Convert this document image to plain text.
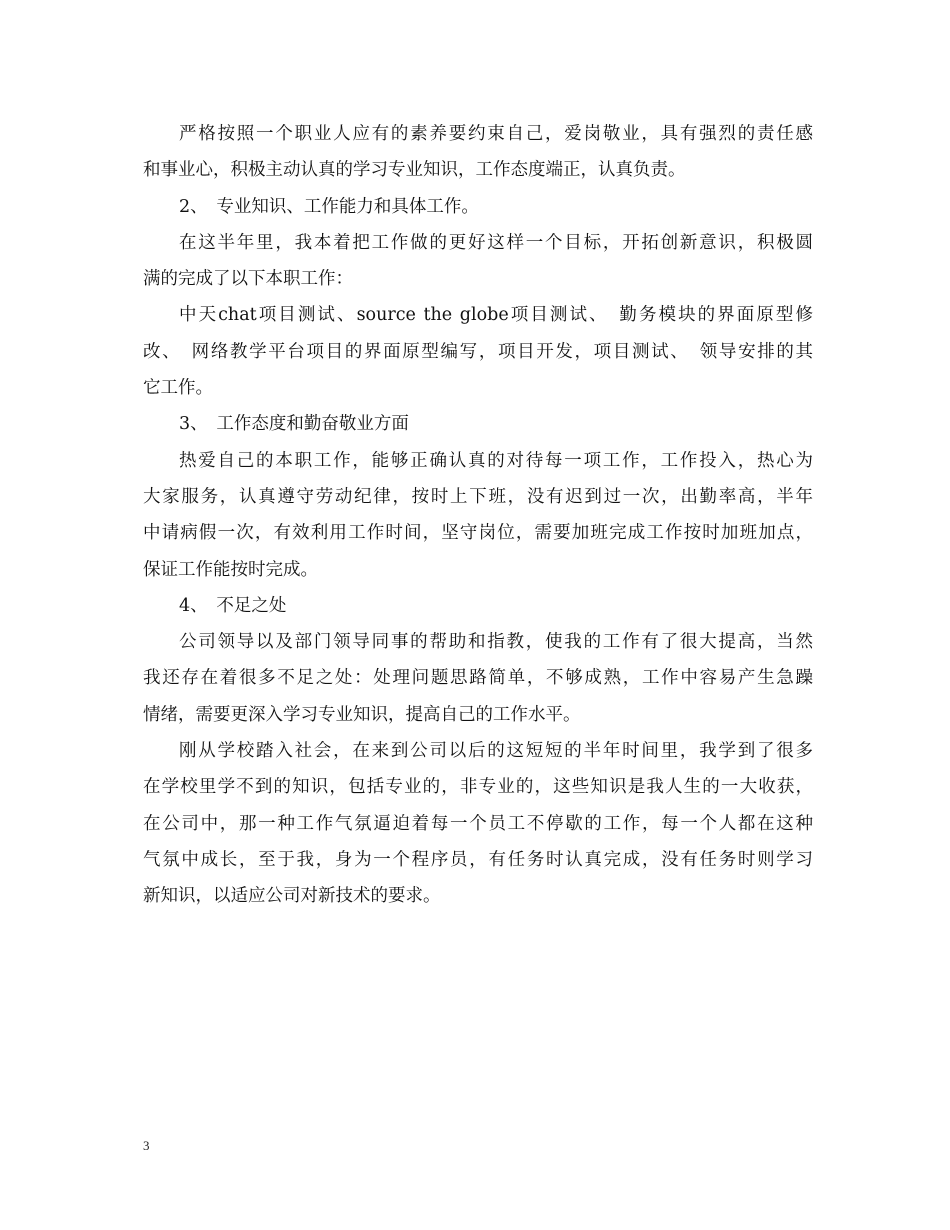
严格按照一个职业人应有的素养要约束自己，爱岗敬业，具有强烈的责任感
和事业心，积极主动认真的学习专业知识，工作态度端正，认真负责。
2、　专业知识、工作能力和具体工作。
在这半年里，我本着把工作做的更好这样一个目标，开拓创新意识，积极圆
满的完成了以下本职工作：
中天chat项目测试、source the globe项目测试、　勤务模块的界面原型修
改、　网络教学平台项目的界面原型编写，项目开发，项目测试、　领导安排的其
它工作。
3、　工作态度和勤奋敬业方面
热爱自己的本职工作，能够正确认真的对待每一项工作，工作投入，热心为
大家服务，认真遵守劳动纪律，按时上下班，没有迟到过一次，出勤率高，半年
中请病假一次，有效利用工作时间，坚守岗位，需要加班完成工作按时加班加点，
保证工作能按时完成。
4、　不足之处
公司领导以及部门领导同事的帮助和指教，使我的工作有了很大提高，当然
我还存在着很多不足之处：处理问题思路简单，不够成熟，工作中容易产生急躁
情绪，需要更深入学习专业知识，提高自己的工作水平。
刚从学校踏入社会，在来到公司以后的这短短的半年时间里，我学到了很多
在学校里学不到的知识，包括专业的，非专业的，这些知识是我人生的一大收获，
在公司中，那一种工作气氛逼迫着每一个员工不停歇的工作，每一个人都在这种
气氛中成长，至于我，身为一个程序员，有任务时认真完成，没有任务时则学习
新知识，以适应公司对新技术的要求。
3
